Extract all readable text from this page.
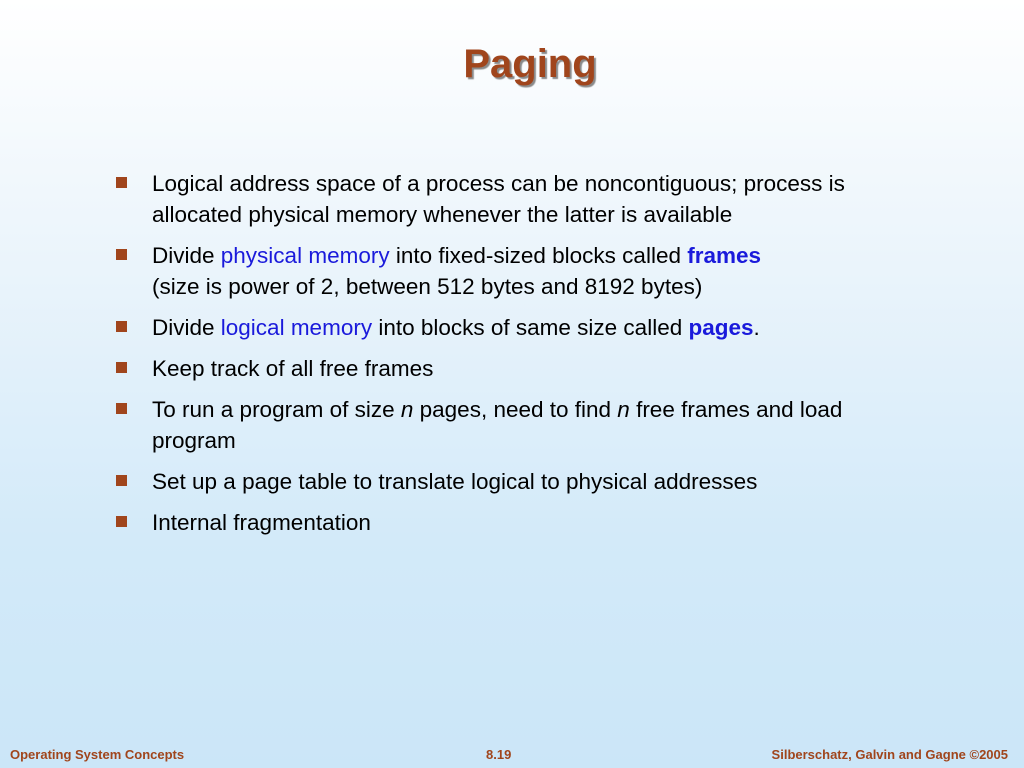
Paging
Logical address space of a process can be noncontiguous; process is allocated physical memory whenever the latter is available
Divide physical memory into fixed-sized blocks called frames
(size is power of 2, between 512 bytes and 8192 bytes)
Divide logical memory into blocks of same size called pages.
Keep track of all free frames
To run a program of size n pages, need to find n free frames and load program
Set up a page table to translate logical to physical addresses
Internal fragmentation
Operating System Concepts	8.19	Silberschatz, Galvin and Gagne ©2005
